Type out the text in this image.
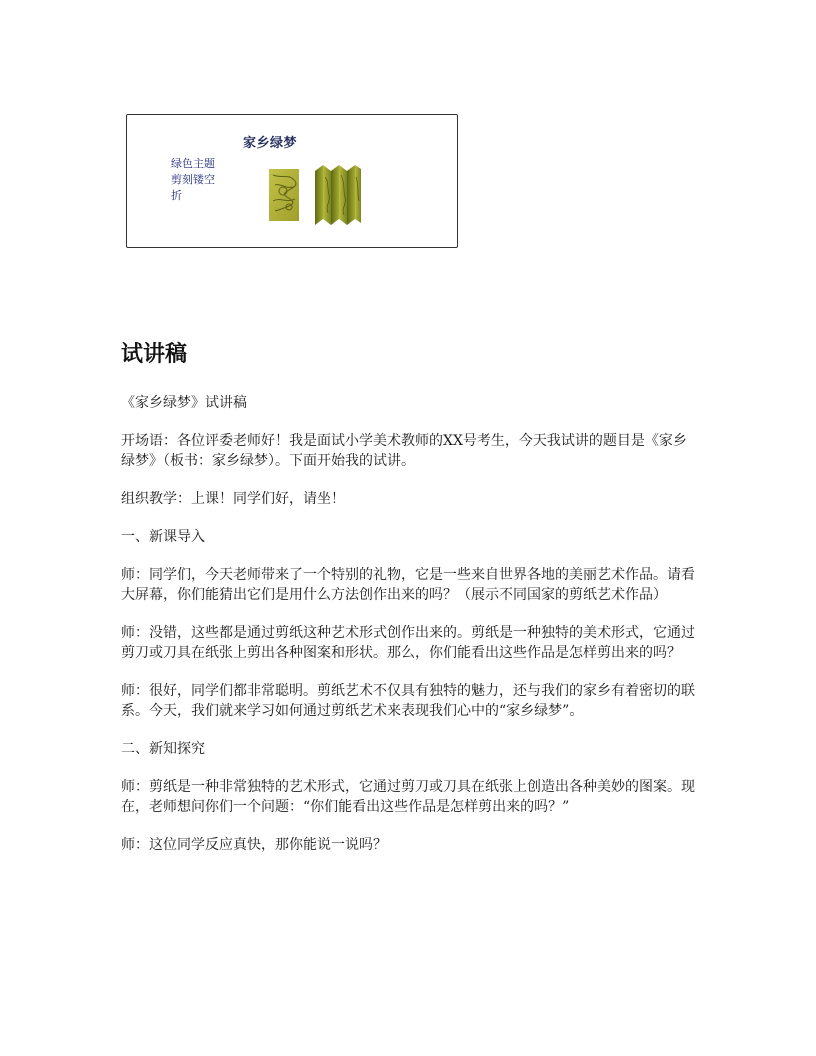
家乡绿梦
绿色主题
剪刻镂空
折
试讲稿

《家乡绿梦》试讲稿

开场语：各位评委老师好！我是面试小学美术教师的XX号考生，今天我试讲的题目是《家乡绿梦》（板书：家乡绿梦）。下面开始我的试讲。

组织教学：上课！同学们好，请坐！

一、新课导入

师：同学们，今天老师带来了一个特别的礼物，它是一些来自世界各地的美丽艺术作品。请看大屏幕，你们能猜出它们是用什么方法创作出来的吗？（展示不同国家的剪纸艺术作品）

师：没错，这些都是通过剪纸这种艺术形式创作出来的。剪纸是一种独特的美术形式，它通过剪刀或刀具在纸张上剪出各种图案和形状。那么，你们能看出这些作品是怎样剪出来的吗？

师：很好，同学们都非常聪明。剪纸艺术不仅具有独特的魅力，还与我们的家乡有着密切的联系。今天，我们就来学习如何通过剪纸艺术来表现我们心中的“家乡绿梦”。

二、新知探究

师：剪纸是一种非常独特的艺术形式，它通过剪刀或刀具在纸张上创造出各种美妙的图案。现在，老师想问你们一个问题：“你们能看出这些作品是怎样剪出来的吗？”

师：这位同学反应真快，那你能说一说吗？
